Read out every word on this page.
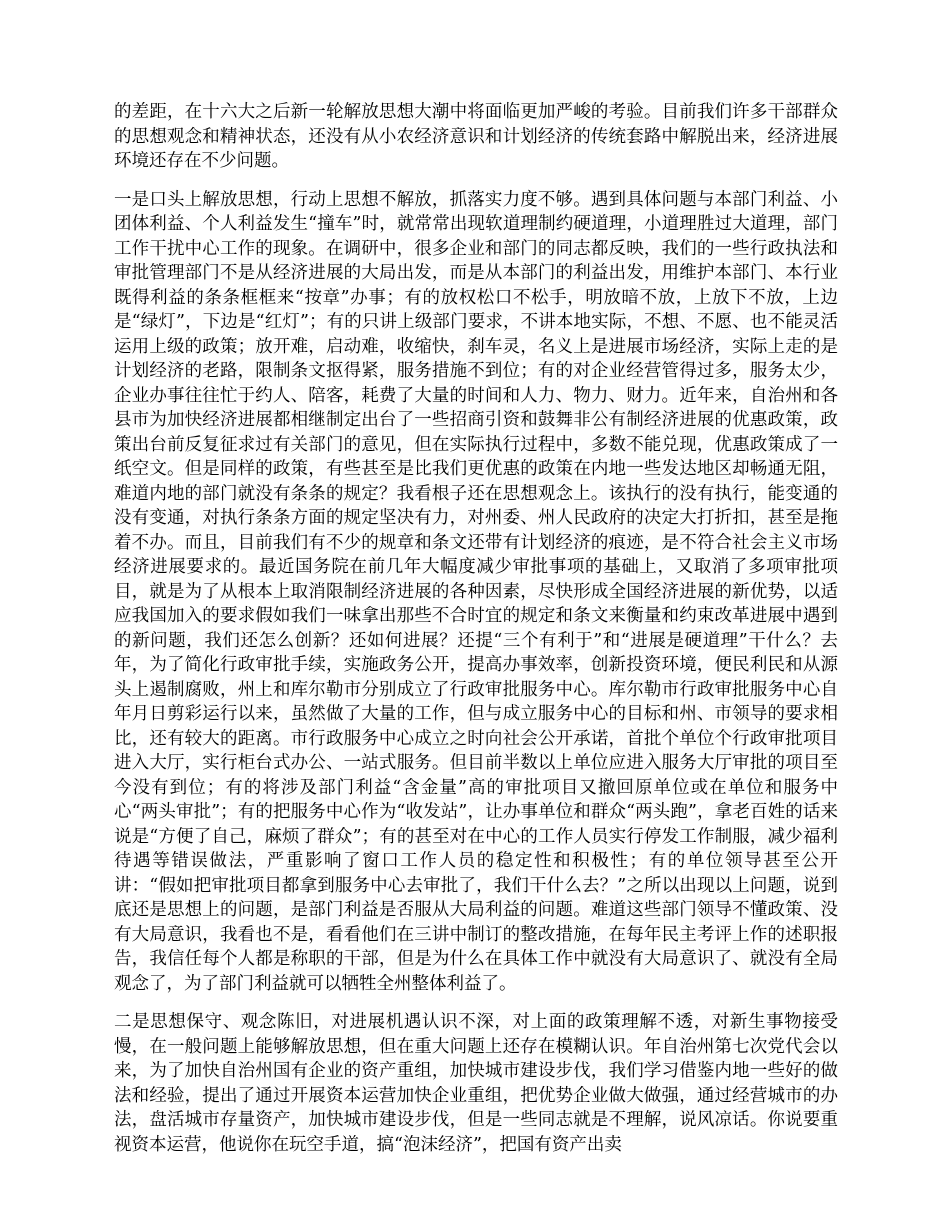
的差距，在十六大之后新一轮解放思想大潮中将面临更加严峻的考验。目前我们许多干部群众的思想观念和精神状态，还没有从小农经济意识和计划经济的传统套路中解脱出来，经济进展环境还存在不少问题。

一是口头上解放思想，行动上思想不解放，抓落实力度不够。遇到具体问题与本部门利益、小团体利益、个人利益发生“撞车”时，就常常出现软道理制约硬道理，小道理胜过大道理，部门工作干扰中心工作的现象。在调研中，很多企业和部门的同志都反映，我们的一些行政执法和审批管理部门不是从经济进展的大局出发，而是从本部门的利益出发，用维护本部门、本行业既得利益的条条框框来“按章”办事；有的放权松口不松手，明放暗不放，上放下不放，上边是“绿灯”，下边是“红灯”；有的只讲上级部门要求，不讲本地实际，不想、不愿、也不能灵活运用上级的政策；放开难，启动难，收缩快，刹车灵，名义上是进展市场经济，实际上走的是计划经济的老路，限制条文抠得紧，服务措施不到位；有的对企业经营管得过多，服务太少，企业办事往往忙于约人、陪客，耗费了大量的时间和人力、物力、财力。近年来，自治州和各县市为加快经济进展都相继制定出台了一些招商引资和鼓舞非公有制经济进展的优惠政策，政策出台前反复征求过有关部门的意见，但在实际执行过程中，多数不能兑现，优惠政策成了一纸空文。但是同样的政策，有些甚至是比我们更优惠的政策在内地一些发达地区却畅通无阻，难道内地的部门就没有条条的规定？我看根子还在思想观念上。该执行的没有执行，能变通的没有变通，对执行条条方面的规定坚决有力，对州委、州人民政府的决定大打折扣，甚至是拖着不办。而且，目前我们有不少的规章和条文还带有计划经济的痕迹，是不符合社会主义市场经济进展要求的。最近国务院在前几年大幅度减少审批事项的基础上，又取消了多项审批项目，就是为了从根本上取消限制经济进展的各种因素，尽快形成全国经济进展的新优势，以适应我国加入的要求假如我们一味拿出那些不合时宜的规定和条文来衡量和约束改革进展中遇到的新问题，我们还怎么创新？还如何进展？还提“三个有利于”和“进展是硬道理”干什么？去年，为了简化行政审批手续，实施政务公开，提高办事效率，创新投资环境，便民利民和从源头上遏制腐败，州上和库尔勒市分别成立了行政审批服务中心。库尔勒市行政审批服务中心自年月日剪彩运行以来，虽然做了大量的工作，但与成立服务中心的目标和州、市领导的要求相比，还有较大的距离。市行政服务中心成立之时向社会公开承诺，首批个单位个行政审批项目进入大厅，实行柜台式办公、一站式服务。但目前半数以上单位应进入服务大厅审批的项目至今没有到位；有的将涉及部门利益“含金量”高的审批项目又撤回原单位或在单位和服务中心“两头审批”；有的把服务中心作为“收发站”，让办事单位和群众“两头跑”，拿老百姓的话来说是“方便了自己，麻烦了群众”；有的甚至对在中心的工作人员实行停发工作制服，减少福利待遇等错误做法，严重影响了窗口工作人员的稳定性和积极性；有的单位领导甚至公开讲：“假如把审批项目都拿到服务中心去审批了，我们干什么去？”之所以出现以上问题，说到底还是思想上的问题，是部门利益是否服从大局利益的问题。难道这些部门领导不懂政策、没有大局意识，我看也不是，看看他们在三讲中制订的整改措施，在每年民主考评上作的述职报告，我信任每个人都是称职的干部，但是为什么在具体工作中就没有大局意识了、就没有全局观念了，为了部门利益就可以牺牲全州整体利益了。

二是思想保守、观念陈旧，对进展机遇认识不深，对上面的政策理解不透，对新生事物接受慢，在一般问题上能够解放思想，但在重大问题上还存在模糊认识。年自治州第七次党代会以来，为了加快自治州国有企业的资产重组，加快城市建设步伐，我们学习借鉴内地一些好的做法和经验，提出了通过开展资本运营加快企业重组，把优势企业做大做强，通过经营城市的办法，盘活城市存量资产，加快城市建设步伐，但是一些同志就是不理解，说风凉话。你说要重视资本运营，他说你在玩空手道，搞“泡沫经济”，把国有资产出卖
